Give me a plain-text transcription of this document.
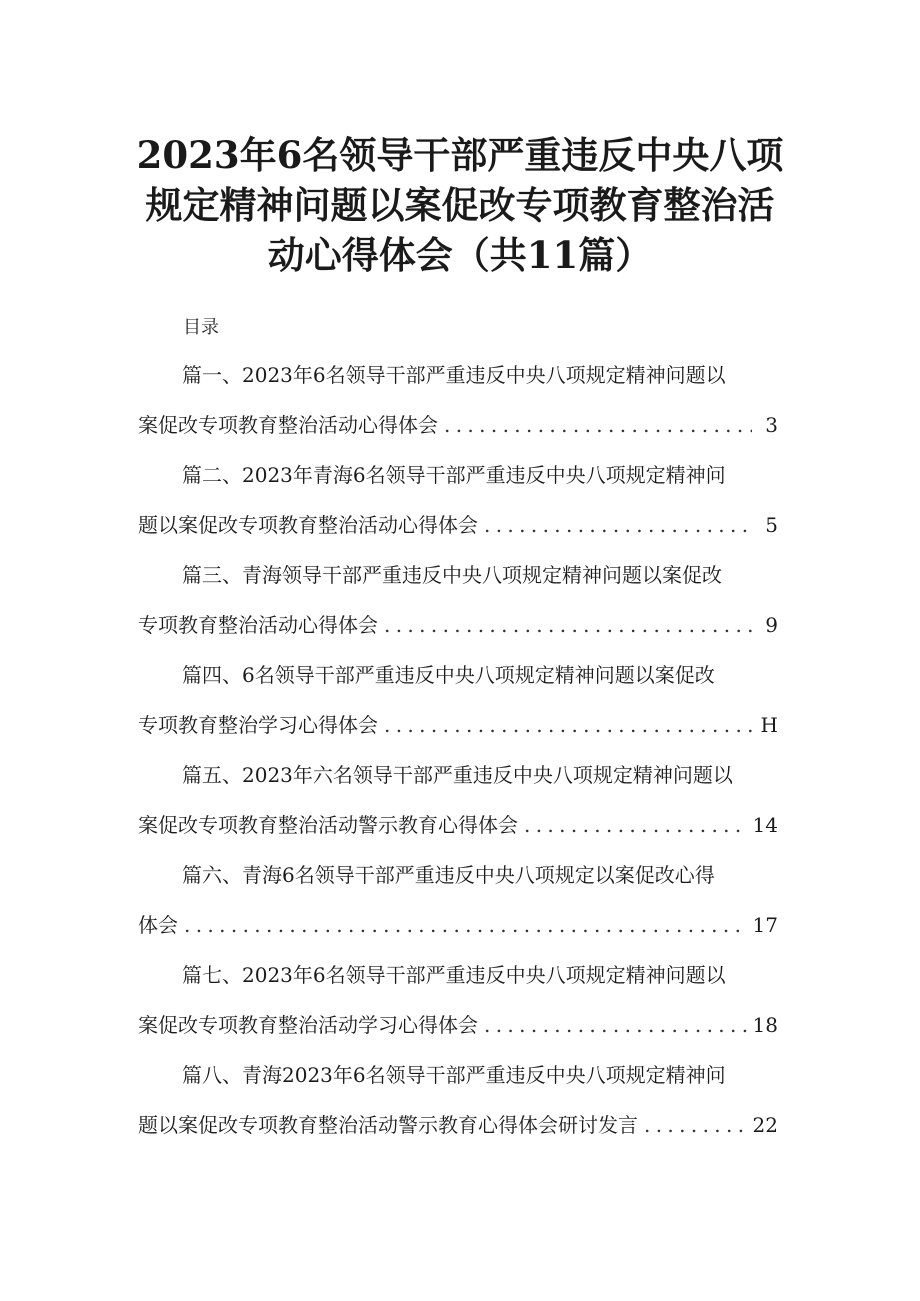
2023年6名领导干部严重违反中央八项规定精神问题以案促改专项教育整治活动心得体会（共11篇）

目录

篇一、2023年6名领导干部严重违反中央八项规定精神问题以
案促改专项教育整治活动心得体会 . . .	3
篇二、2023年青海6名领导干部严重违反中央八项规定精神问
题以案促改专项教育整治活动心得体会 . . .	5
篇三、青海领导干部严重违反中央八项规定精神问题以案促改
专项教育整治活动心得体会 . . .	9
篇四、6名领导干部严重违反中央八项规定精神问题以案促改
专项教育整治学习心得体会 . . .	H
篇五、2023年六名领导干部严重违反中央八项规定精神问题以
案促改专项教育整治活动警示教育心得体会 . . .	14
篇六、青海6名领导干部严重违反中央八项规定以案促改心得
体会 . . .	17
篇七、2023年6名领导干部严重违反中央八项规定精神问题以
案促改专项教育整治活动学习心得体会 . . .	18
篇八、青海2023年6名领导干部严重违反中央八项规定精神问
题以案促改专项教育整治活动警示教育心得体会研讨发言 . . .	22
